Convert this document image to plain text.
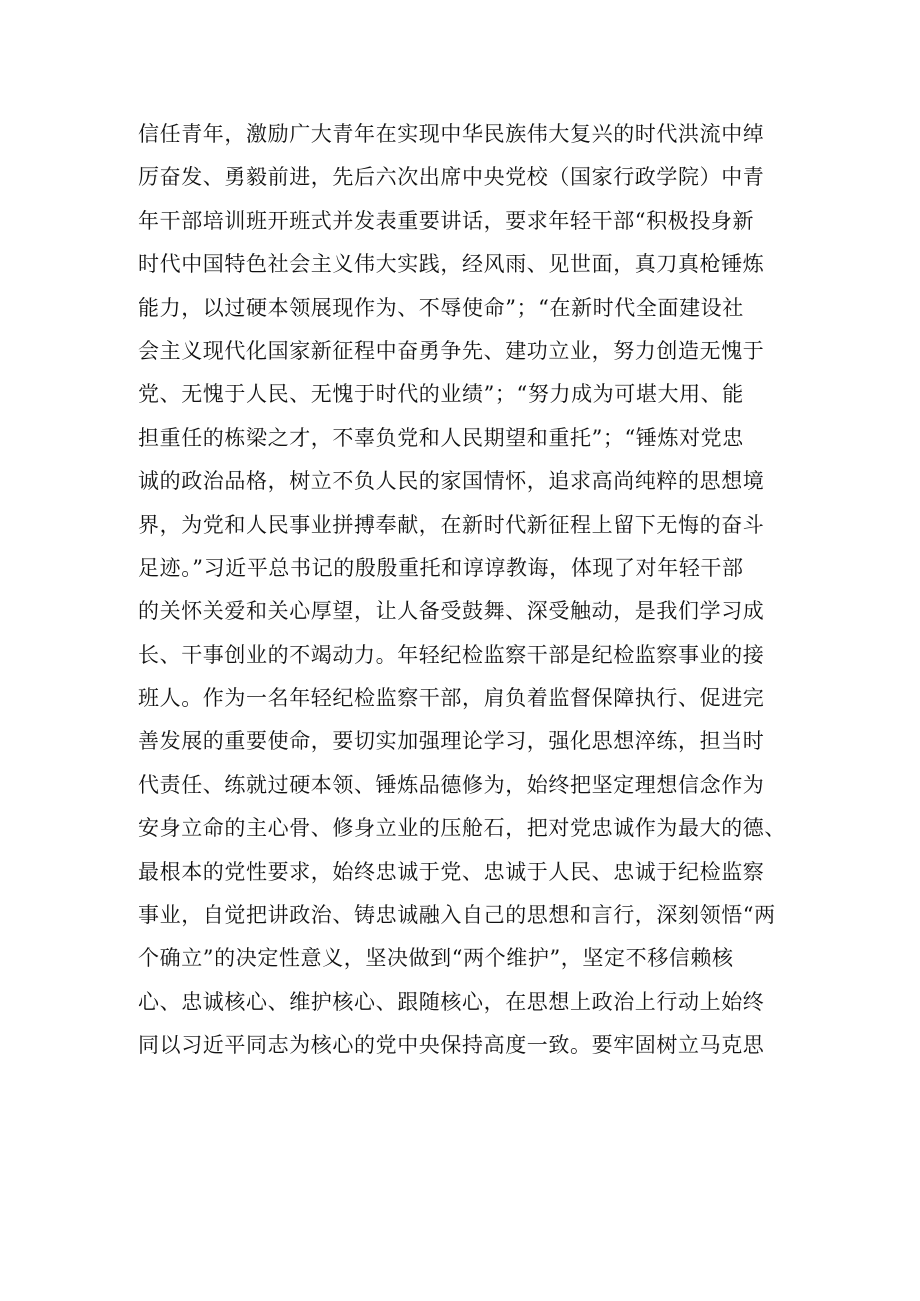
信任青年，激励广大青年在实现中华民族伟大复兴的时代洪流中绰
厉奋发、勇毅前进，先后六次出席中央党校（国家行政学院）中青
年干部培训班开班式并发表重要讲话，要求年轻干部“积极投身新
时代中国特色社会主义伟大实践，经风雨、见世面，真刀真枪锤炼
能力，以过硬本领展现作为、不辱使命”；“在新时代全面建设社
会主义现代化国家新征程中奋勇争先、建功立业，努力创造无愧于
党、无愧于人民、无愧于时代的业绩”；“努力成为可堪大用、能
担重任的栋梁之才，不辜负党和人民期望和重托”；“锤炼对党忠
诚的政治品格，树立不负人民的家国情怀，追求高尚纯粹的思想境
界，为党和人民事业拼搏奉献，在新时代新征程上留下无悔的奋斗
足迹。”习近平总书记的殷殷重托和谆谆教诲，体现了对年轻干部
的关怀关爱和关心厚望，让人备受鼓舞、深受触动，是我们学习成
长、干事创业的不竭动力。年轻纪检监察干部是纪检监察事业的接
班人。作为一名年轻纪检监察干部，肩负着监督保障执行、促进完
善发展的重要使命，要切实加强理论学习，强化思想淬练，担当时
代责任、练就过硬本领、锤炼品德修为，始终把坚定理想信念作为
安身立命的主心骨、修身立业的压舱石，把对党忠诚作为最大的德、
最根本的党性要求，始终忠诚于党、忠诚于人民、忠诚于纪检监察
事业，自觉把讲政治、铸忠诚融入自己的思想和言行，深刻领悟“两
个确立”的决定性意义，坚决做到“两个维护”，坚定不移信赖核
心、忠诚核心、维护核心、跟随核心，在思想上政治上行动上始终
同以习近平同志为核心的党中央保持高度一致。要牢固树立马克思
